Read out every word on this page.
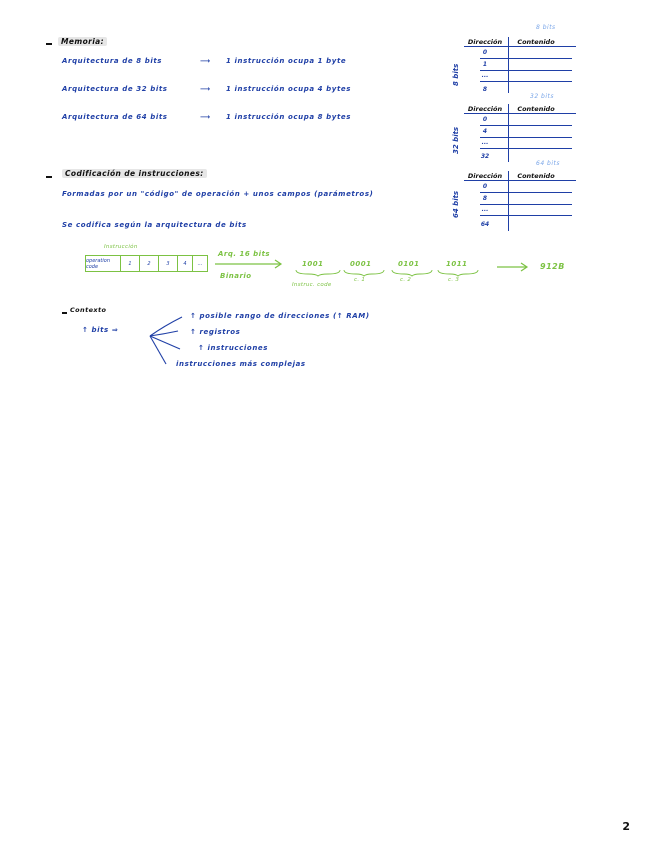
Memoria:
Arquitectura de 8 bits	⟶ 1 instrucción ocupa 1 byte
Arquitectura de 32 bits	⟶ 1 instrucción ocupa 4 bytes
Arquitectura de 64 bits	⟶ 1 instrucción ocupa 8 bytes
8 bits
Dirección Contenido
0
1
...
8
8 bits
32 bits
Dirección Contenido
0
4
...
32
32 bits
64 bits
Dirección Contenido
0
8
...
64
64 bits
Codificación de instrucciones:
Formadas por un "código" de operación + unos campos (parámetros)
Se codifica según la arquitectura de bits
Instrucción
operation code	1	2	3	4	...
Arq. 16 bits
Binario
1001	0001	0101	1011
Instruc. code
c. 1	c. 2	c. 3
912B
Contexto
↑ bits ⇒
↑ posible rango de direcciones (↑ RAM)
↑ registros
↑ instrucciones
instrucciones más complejas
2
